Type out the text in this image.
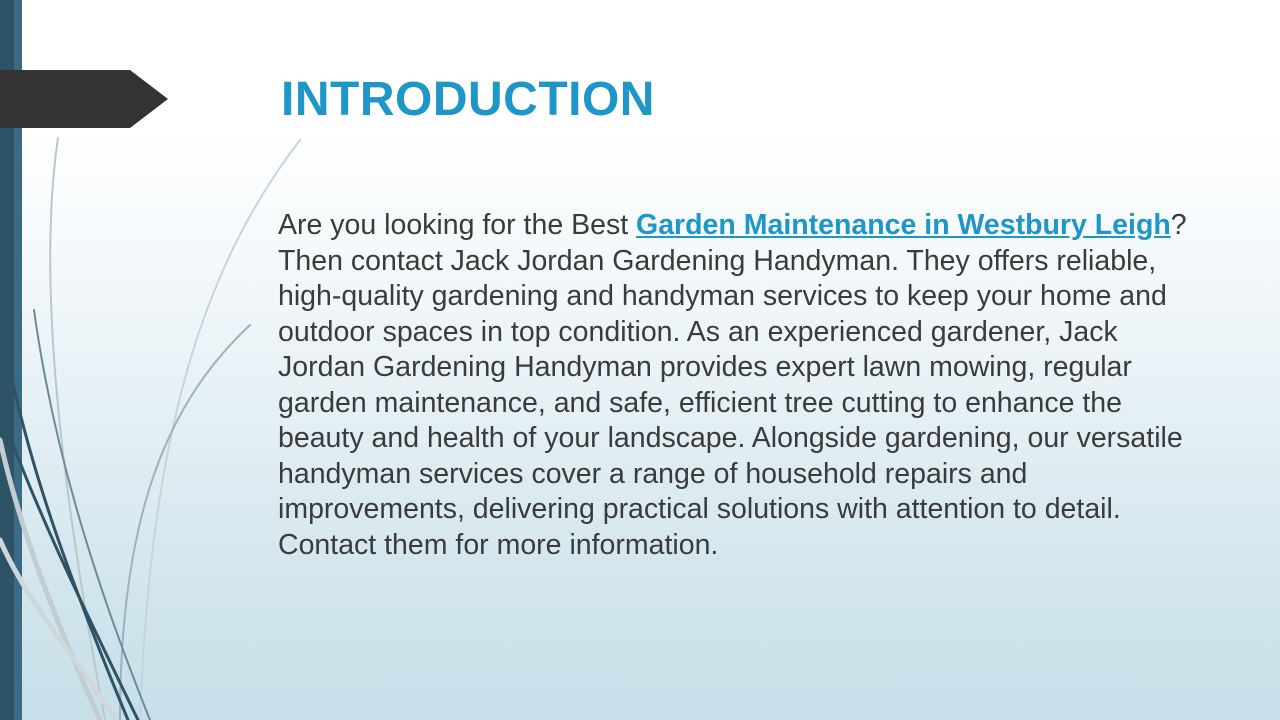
INTRODUCTION
Are you looking for the Best Garden Maintenance in Westbury Leigh? Then contact Jack Jordan Gardening Handyman. They offers reliable, high-quality gardening and handyman services to keep your home and outdoor spaces in top condition. As an experienced gardener, Jack Jordan Gardening Handyman provides expert lawn mowing, regular garden maintenance, and safe, efficient tree cutting to enhance the beauty and health of your landscape. Alongside gardening, our versatile handyman services cover a range of household repairs and improvements, delivering practical solutions with attention to detail. Contact them for more information.
